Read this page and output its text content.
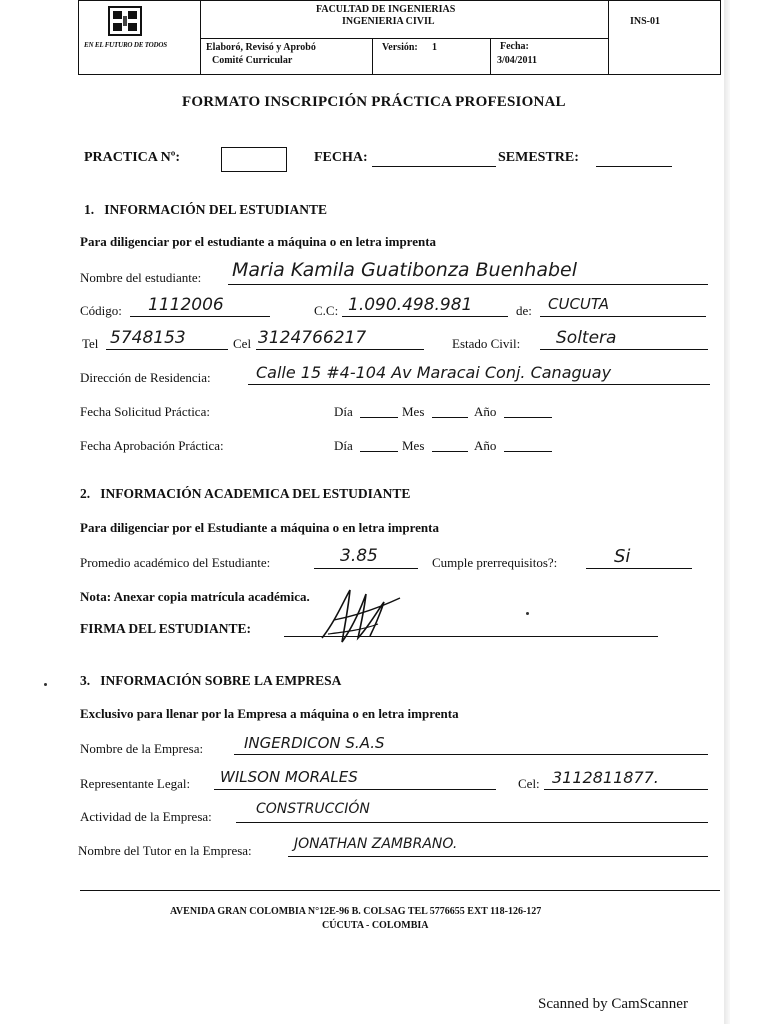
EN EL FUTURO DE TODOS
FACULTAD DE INGENIERIAS
INGENIERIA CIVIL	INS-01
Elaboró, Revisó y Aprobó
Comité Curricular
Versión: 1	Fecha:
3/04/2011
FORMATO INSCRIPCIÓN PRÁCTICA PROFESIONAL
PRACTICA Nº:	FECHA:	SEMESTRE:
1.   INFORMACIÓN DEL ESTUDIANTE
Para diligenciar por el estudiante a máquina o en letra imprenta
Nombre del estudiante: Maria Kamila Guatibonza Buenhabel
Código: 1112006	C.C: 1.090.498.981	de: CUCUTA
Tel 5748153	Cel 3124766217	Estado Civil: Soltera
Dirección de Residencia:	Calle 15 #4-104 Av Maracai Conj. Canaguay
Fecha Solicitud Práctica:	Día	Mes	Año
Fecha Aprobación Práctica:	Día	Mes	Año
2.   INFORMACIÓN ACADEMICA DEL ESTUDIANTE
Para diligenciar por el Estudiante a máquina o en letra imprenta
Promedio académico del Estudiante:	3.85	Cumple prerrequisitos?:	Si
Nota: Anexar copia matrícula académica.
FIRMA DEL ESTUDIANTE:
3.   INFORMACIÓN SOBRE LA EMPRESA
Exclusivo para llenar por la Empresa a máquina o en letra imprenta
Nombre de la Empresa:	INGERDICON S.A.S
Representante Legal: WILSON MORALES	Cel: 3112811877.
Actividad de la Empresa:	CONSTRUCCIÓN
Nombre del Tutor en la Empresa:	JONATHAN ZAMBRANO.
AVENIDA GRAN COLOMBIA N°12E-96 B. COLSAG TEL 5776655 EXT 118-126-127
CÚCUTA - COLOMBIA
Scanned by CamScanner
